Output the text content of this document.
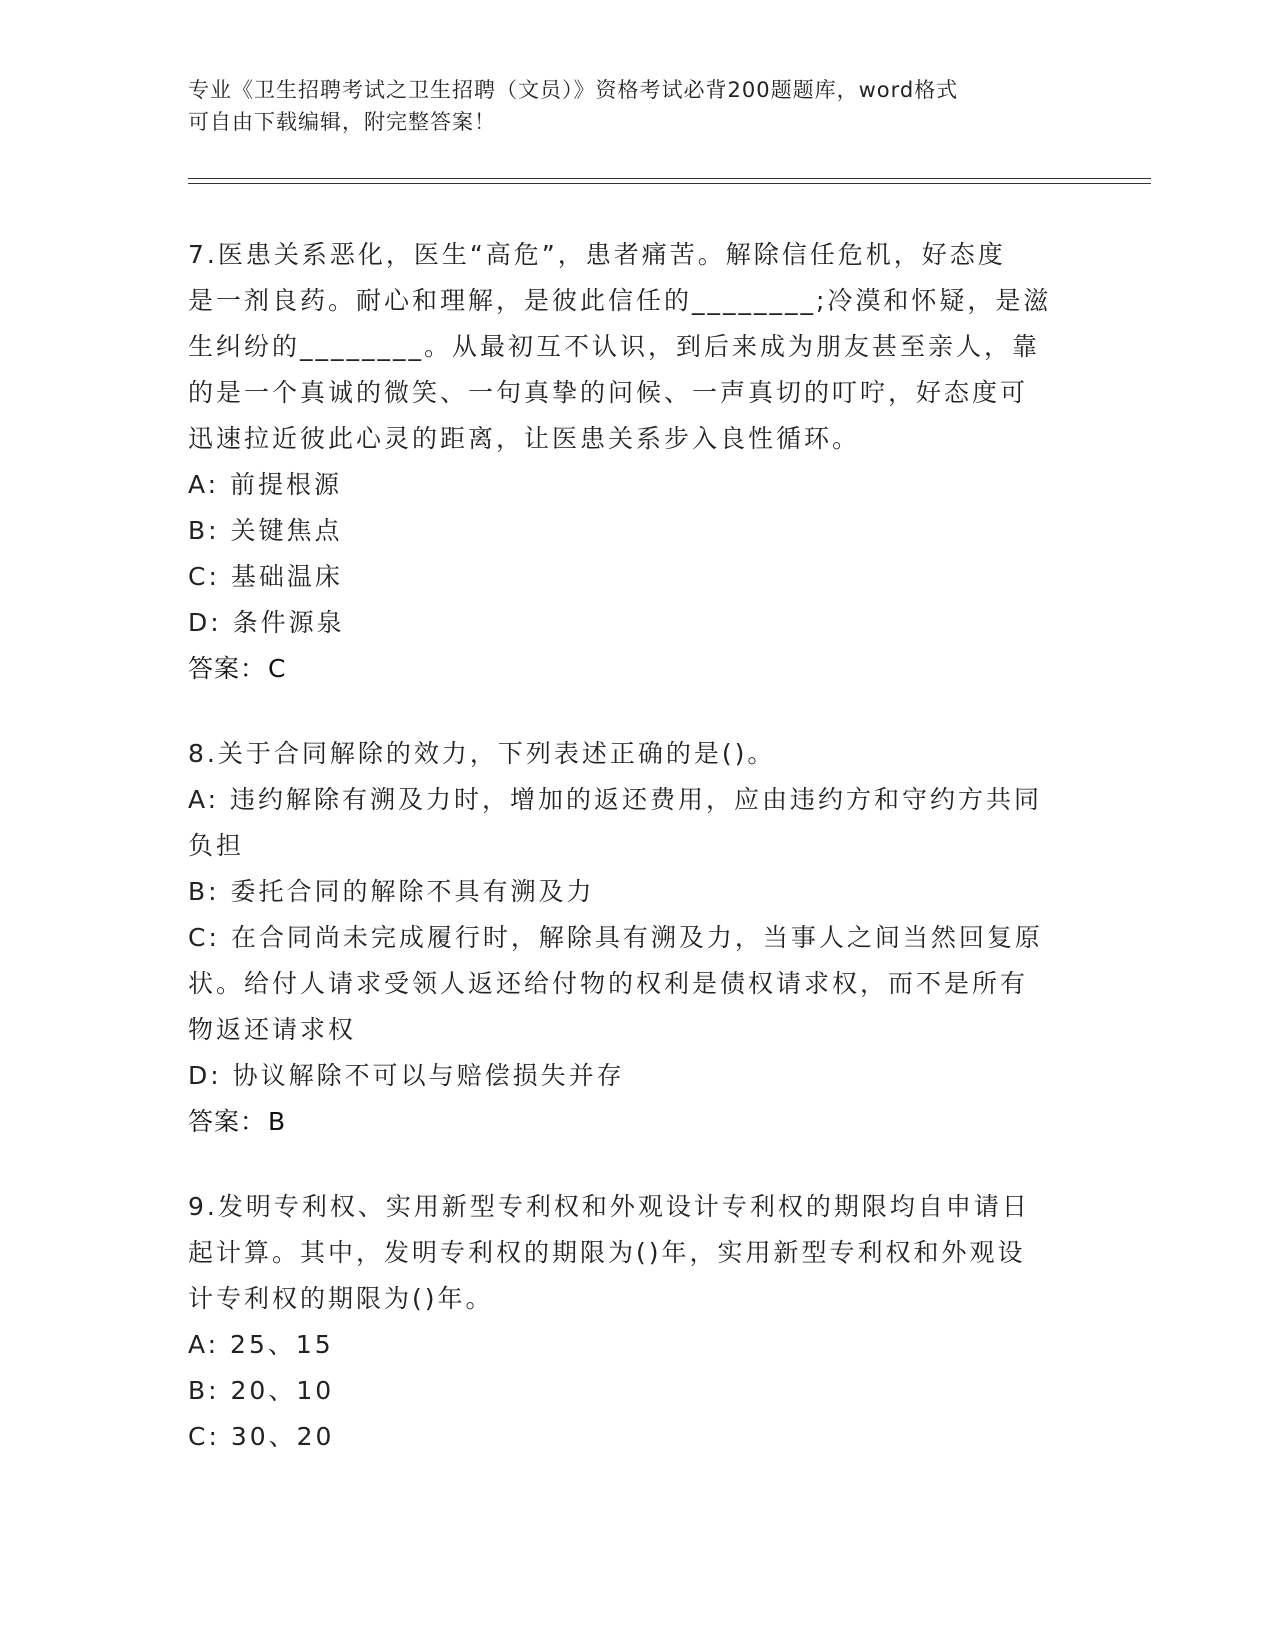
专业《卫生招聘考试之卫生招聘（文员）》资格考试必背200题题库，word格式
可自由下载编辑，附完整答案！
7.医患关系恶化，医生“高危”，患者痛苦。解除信任危机，好态度
是一剂良药。耐心和理解，是彼此信任的________;冷漠和怀疑，是滋
生纠纷的________。从最初互不认识，到后来成为朋友甚至亲人，靠
的是一个真诚的微笑、一句真挚的问候、一声真切的叮咛，好态度可
迅速拉近彼此心灵的距离，让医患关系步入良性循环。
A: 前提根源
B: 关键焦点
C: 基础温床
D: 条件源泉
答案：C
8.关于合同解除的效力，下列表述正确的是()。
A: 违约解除有溯及力时，增加的返还费用，应由违约方和守约方共同
负担
B: 委托合同的解除不具有溯及力
C: 在合同尚未完成履行时，解除具有溯及力，当事人之间当然回复原
状。给付人请求受领人返还给付物的权利是债权请求权，而不是所有
物返还请求权
D: 协议解除不可以与赔偿损失并存
答案：B
9.发明专利权、实用新型专利权和外观设计专利权的期限均自申请日
起计算。其中，发明专利权的期限为()年，实用新型专利权和外观设
计专利权的期限为()年。
A: 25、15
B: 20、10
C: 30、20
